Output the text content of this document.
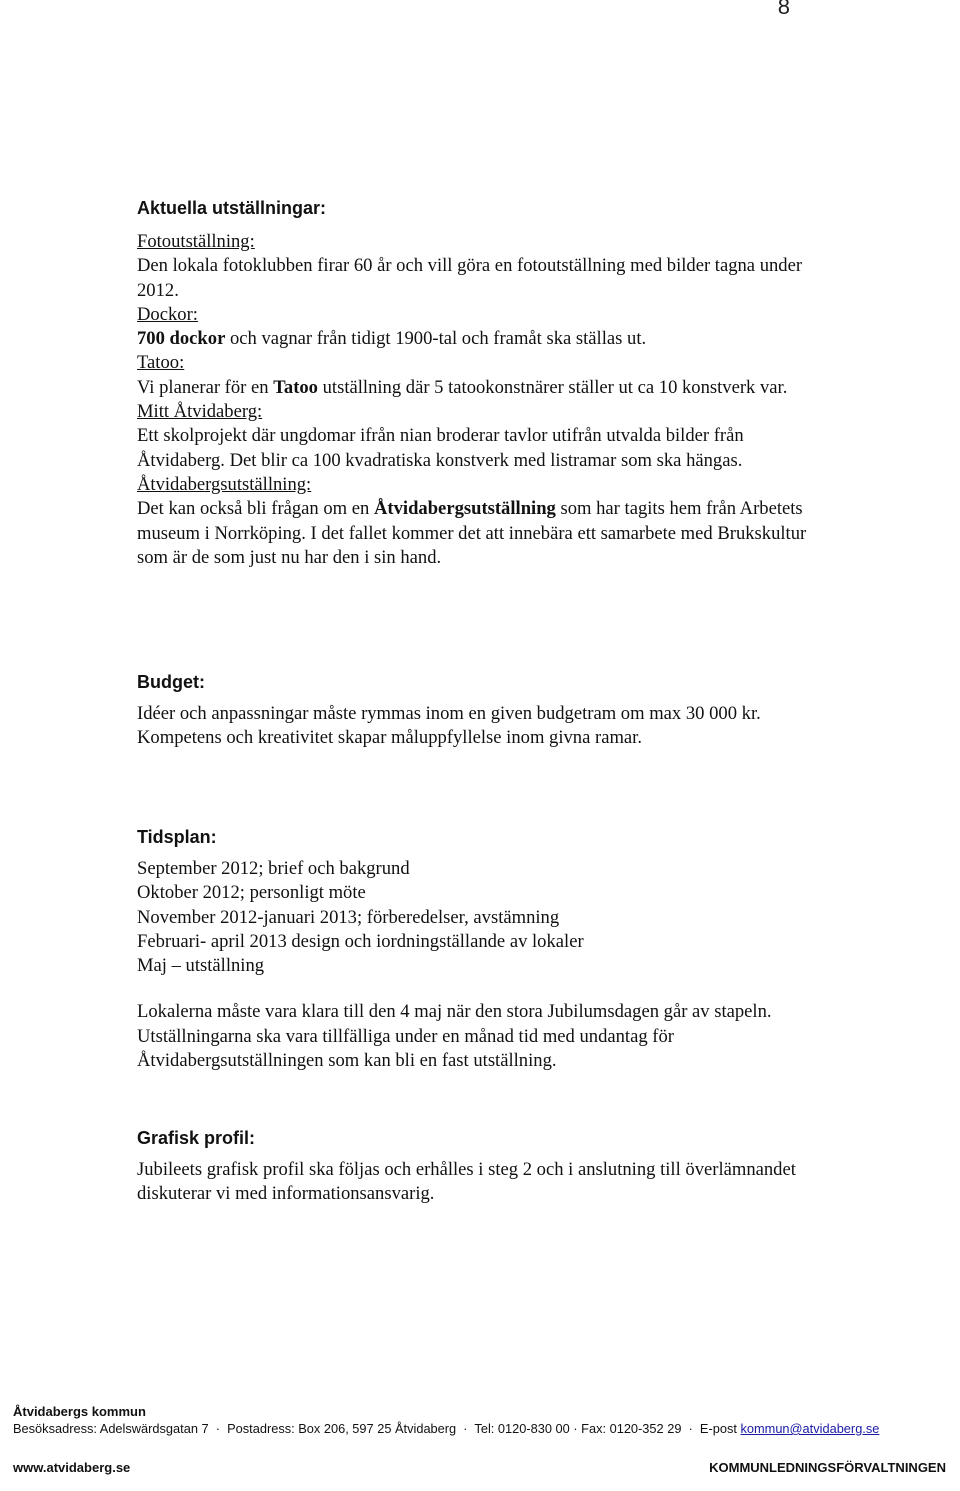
8
Aktuella utställningar:

Fotoutställning:

Den lokala fotoklubben firar 60 år och vill göra en fotoutställning med bilder tagna under 2012.

Dockor:

700 dockor och vagnar från tidigt 1900-tal och framåt ska ställas ut.

Tatoo:

Vi planerar för en Tatoo utställning där 5 tatookonstnärer ställer ut ca 10 konstverk var.

Mitt Åtvidaberg:

Ett skolprojekt där ungdomar ifrån nian broderar tavlor utifrån utvalda bilder från Åtvidaberg. Det blir ca 100 kvadratiska konstverk med listramar som ska hängas.

Åtvidabergsutställning:

Det kan också bli frågan om en Åtvidabergsutställning som har tagits hem från Arbetets museum i Norrköping. I det fallet kommer det att innebära ett samarbete med Brukskultur som är de som just nu har den i sin hand.

Budget:
Idéer och anpassningar måste rymmas inom en given budgetram om max 30 000 kr. Kompetens och kreativitet skapar måluppfyllelse inom givna ramar.
Tidsplan:

September 2012; brief och bakgrund

Oktober 2012; personligt möte

November 2012-januari 2013; förberedelser, avstämning

Februari- april 2013 design och iordningställande av lokaler

Maj – utställning

Lokalerna måste vara klara till den 4 maj när den stora Jubilumsdagen går av stapeln. Utställningarna ska vara tillfälliga under en månad tid med undantag för Åtvidabergsutställningen som kan bli en fast utställning.
Grafisk profil:
Jubileets grafisk profil ska följas och erhålles i steg 2 och i anslutning till överlämnandet diskuterar vi med informationsansvarig.
Åtvidabergs kommun
Besöksadress: Adelswärdsgatan 7  ·  Postadress: Box 206, 597 25 Åtvidaberg  ·  Tel: 0120-830 00 · Fax: 0120-352 29  ·  E-post kommun@atvidaberg.se
www.atvidaberg.se	KOMMUNLEDNINGSFÖRVALTNINGEN
